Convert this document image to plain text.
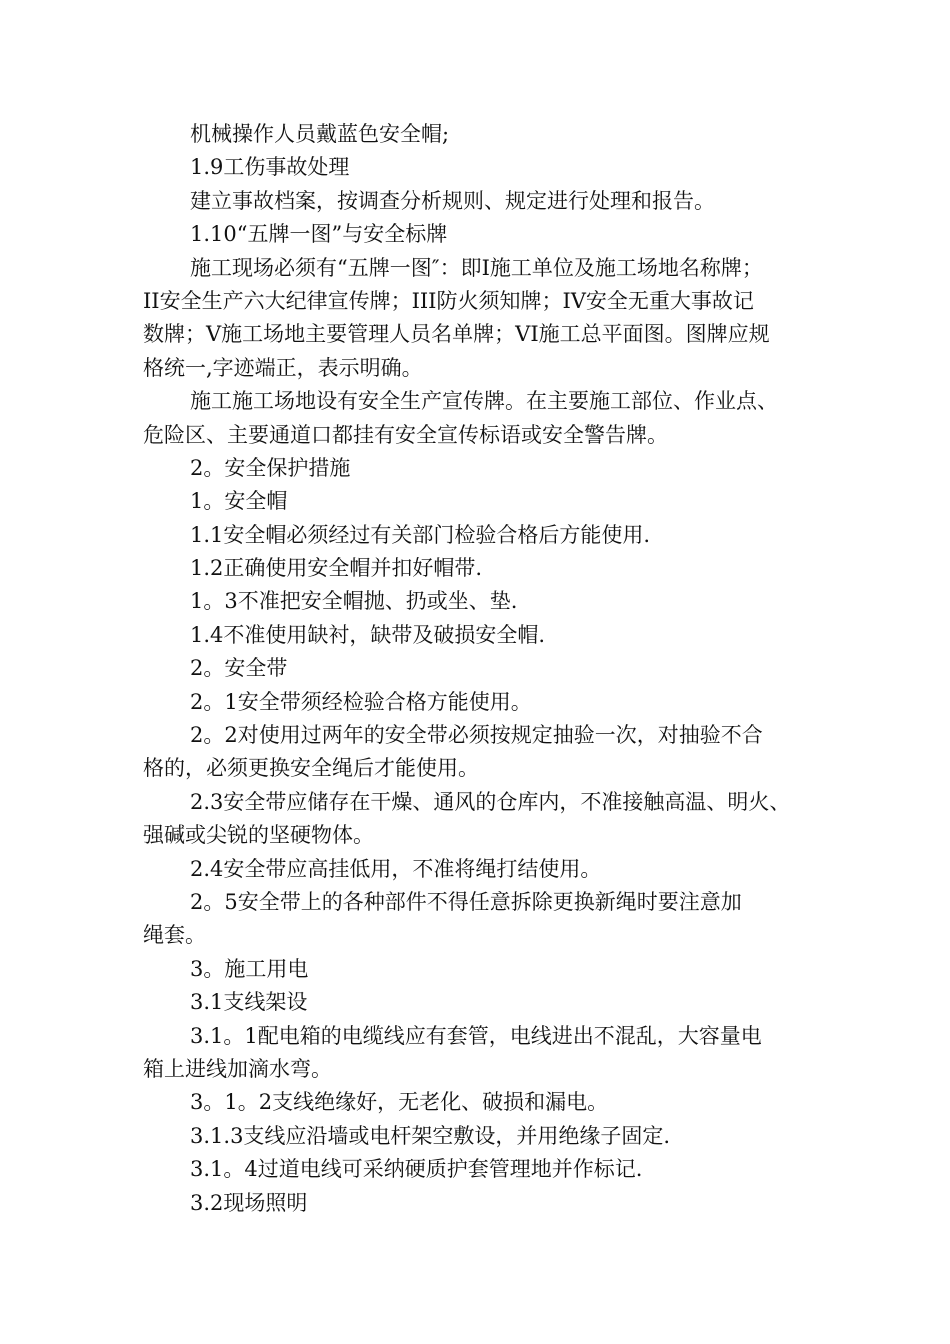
机械操作人员戴蓝色安全帽;
1.9工伤事故处理
建立事故档案，按调查分析规则、规定进行处理和报告。
1.10“五牌一图”与安全标牌
施工现场必须有“五牌一图″：即I施工单位及施工场地名称牌；
II安全生产六大纪律宣传牌；III防火须知牌；IV安全无重大事故记
数牌；V施工场地主要管理人员名单牌；VI施工总平面图。图牌应规
格统一,字迹端正，表示明确。
施工施工场地设有安全生产宣传牌。在主要施工部位、作业点、
危险区、主要通道口都挂有安全宣传标语或安全警告牌。
2。安全保护措施
1。安全帽
1.1安全帽必须经过有关部门检验合格后方能使用.
1.2正确使用安全帽并扣好帽带.
1。3不准把安全帽抛、扔或坐、垫.
1.4不准使用缺衬，缺带及破损安全帽.
2。安全带
2。1安全带须经检验合格方能使用。
2。2对使用过两年的安全带必须按规定抽验一次，对抽验不合
格的，必须更换安全绳后才能使用。
2.3安全带应储存在干燥、通风的仓库内，不准接触高温、明火、
强碱或尖锐的坚硬物体。
2.4安全带应高挂低用，不准将绳打结使用。
2。5安全带上的各种部件不得任意拆除更换新绳时要注意加
绳套。
3。施工用电
3.1支线架设
3.1。1配电箱的电缆线应有套管，电线进出不混乱，大容量电
箱上进线加滴水弯。
3。1。2支线绝缘好，无老化、破损和漏电。
3.1.3支线应沿墙或电杆架空敷设，并用绝缘子固定.
3.1。4过道电线可采纳硬质护套管理地并作标记.
3.2现场照明
